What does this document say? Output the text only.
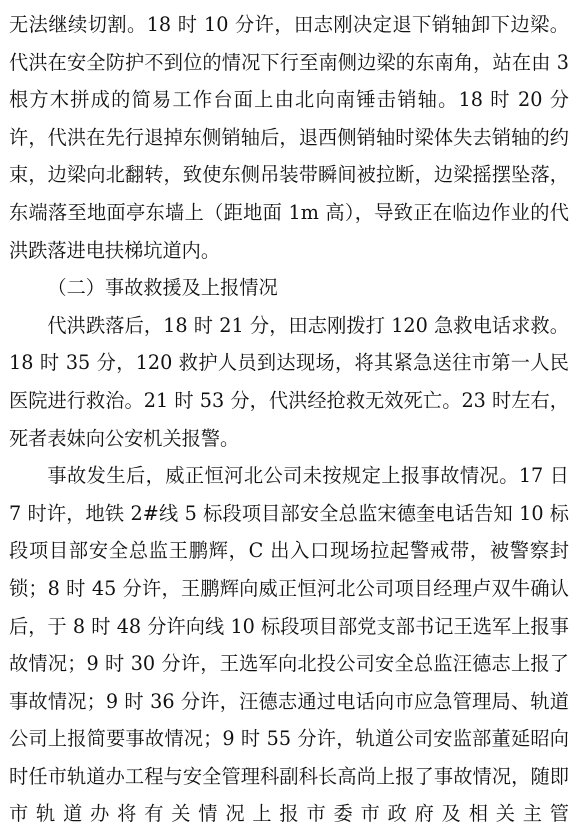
无法继续切割。18 时 10 分许，田志刚决定退下销轴卸下边梁。代洪在安全防护不到位的情况下行至南侧边梁的东南角，站在由 3 根方木拼成的简易工作台面上由北向南锤击销轴。18 时 20 分许，代洪在先行退掉东侧销轴后，退西侧销轴时梁体失去销轴的约束，边梁向北翻转，致使东侧吊装带瞬间被拉断，边梁摇摆坠落，东端落至地面亭东墙上（距地面 1m 高），导致正在临边作业的代洪跌落进电扶梯坑道内。

（二）事故救援及上报情况

代洪跌落后，18 时 21 分，田志刚拨打 120 急救电话求救。18 时 35 分，120 救护人员到达现场，将其紧急送往市第一人民医院进行救治。21 时 53 分，代洪经抢救无效死亡。23 时左右，死者表妹向公安机关报警。

事故发生后，威正恒河北公司未按规定上报事故情况。17 日 7 时许，地铁 2#线 5 标段项目部安全总监宋德奎电话告知 10 标段项目部安全总监王鹏辉，C 出入口现场拉起警戒带，被警察封锁；8 时 45 分许，王鹏辉向威正恒河北公司项目经理卢双牛确认后，于 8 时 48 分许向线 10 标段项目部党支部书记王选军上报事故情况；9 时 30 分许，王选军向北投公司安全总监汪德志上报了事故情况；9 时 36 分许，汪德志通过电话向市应急管理局、轨道公司上报简要事故情况；9 时 55 分许，轨道公司安监部董延昭向时任市轨道办工程与安全管理科副科长高尚上报了事故情况，随即市轨道办将有关情况上报市委市政府及相关主管
